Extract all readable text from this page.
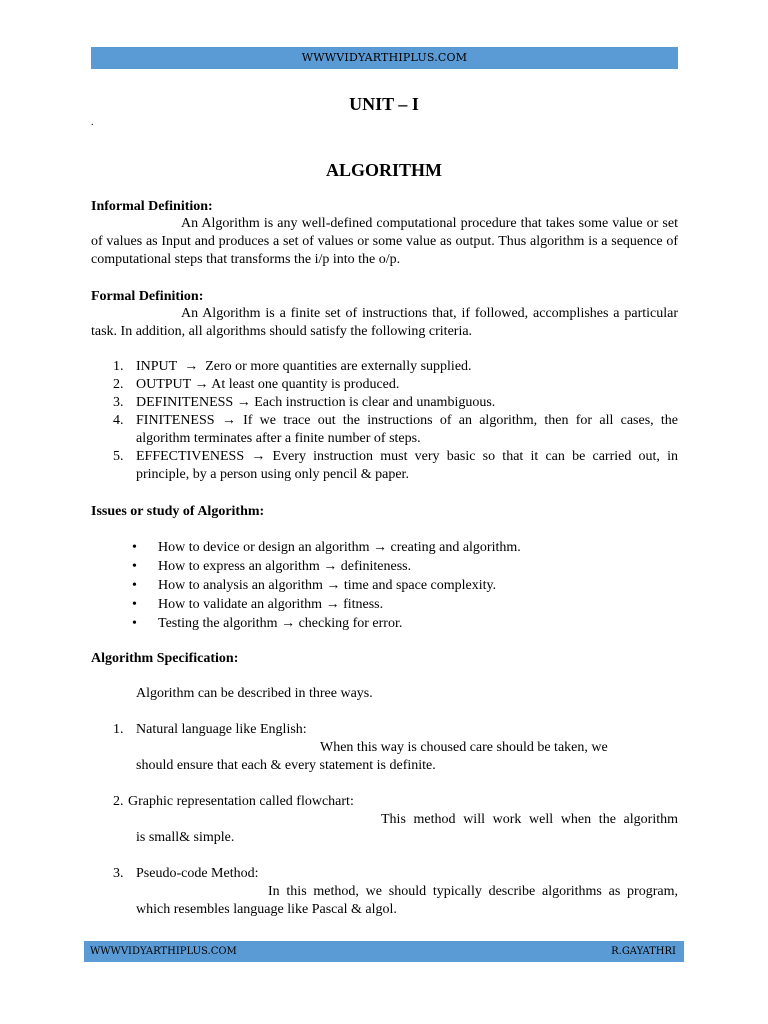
WWWVIDYARTHIPLUS.COM
UNIT – I
.
ALGORITHM
Informal Definition:
An Algorithm is any well-defined computational procedure that takes some value or set of values as Input and produces a set of values or some value as output. Thus algorithm is a sequence of computational steps that transforms the i/p into the o/p.
Formal Definition:
An Algorithm is a finite set of instructions that, if followed, accomplishes a particular task. In addition, all algorithms should satisfy the following criteria.
1. INPUT → Zero or more quantities are externally supplied.
2. OUTPUT → At least one quantity is produced.
3. DEFINITENESS → Each instruction is clear and unambiguous.
4. FINITENESS → If we trace out the instructions of an algorithm, then for all cases, the algorithm terminates after a finite number of steps.
5. EFFECTIVENESS → Every instruction must very basic so that it can be carried out, in principle, by a person using only pencil & paper.
Issues or study of Algorithm:
• How to device or design an algorithm → creating and algorithm.
• How to express an algorithm → definiteness.
• How to analysis an algorithm → time and space complexity.
• How to validate an algorithm → fitness.
• Testing the algorithm → checking for error.
Algorithm Specification:
Algorithm can be described in three ways.
1. Natural language like English:
When this way is choused care should be taken, we
should ensure that each & every statement is definite.
2. Graphic representation called flowchart:
This method will work well when the algorithm
is small& simple.
3. Pseudo-code Method:
In this method, we should typically describe algorithms as program,
which resembles language like Pascal & algol.
WWWVIDYARTHIPLUS.COM	R.GAYATHRI
